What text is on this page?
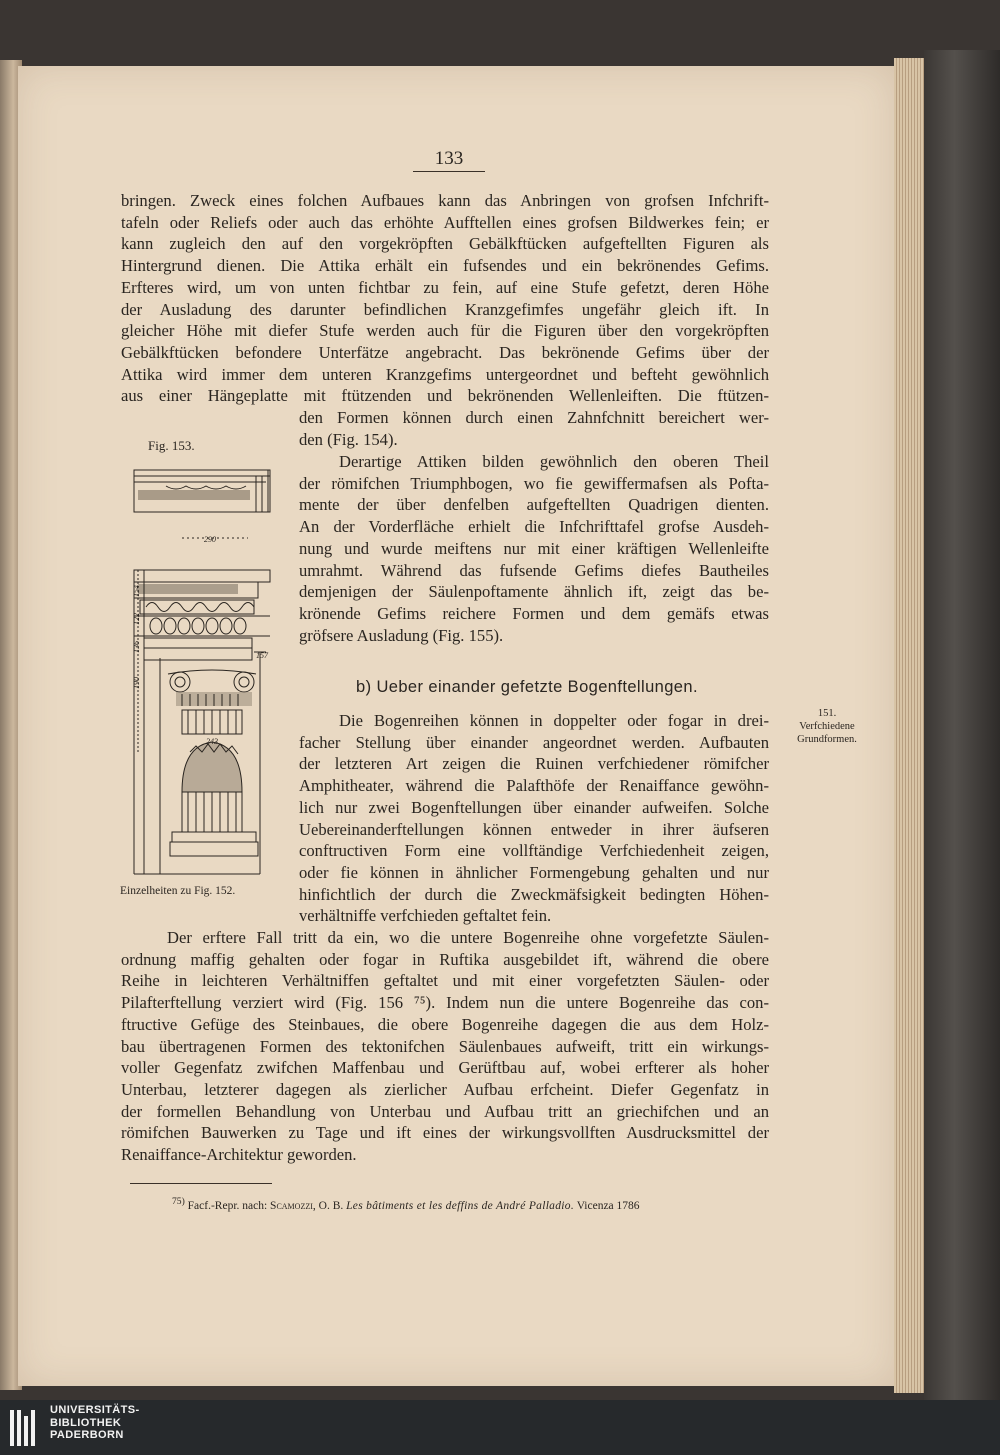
133
bringen. Zweck eines folchen Aufbaues kann das Anbringen von grofsen Infchrift-
tafeln oder Reliefs oder auch das erhöhte Aufftellen eines grofsen Bildwerkes fein; er
kann zugleich den auf den vorgekröpften Gebälkftücken aufgeftellten Figuren als
Hintergrund dienen. Die Attika erhält ein fufsendes und ein bekrönendes Gefims.
Erfteres wird, um von unten fichtbar zu fein, auf eine Stufe gefetzt, deren Höhe
der Ausladung des darunter befindlichen Kranzgefimfes ungefähr gleich ift. In
gleicher Höhe mit diefer Stufe werden auch für die Figuren über den vorgekröpften
Gebälkftücken befondere Unterfätze angebracht. Das bekrönende Gefims über der
Attika wird immer dem unteren Kranzgefims untergeordnet und befteht gewöhnlich
aus einer Hängeplatte mit ftützenden und bekrönenden Wellenleiften. Die ftützen-
den Formen können durch einen Zahnfchnitt bereichert wer-
den (Fig. 154).
Derartige Attiken bilden gewöhnlich den oberen Theil
der römifchen Triumphbogen, wo fie gewiffermafsen als Pofta-
mente der über denfelben aufgeftellten Quadrigen dienten.
An der Vorderfläche erhielt die Infchrifttafel grofse Ausdeh-
nung und wurde meiftens nur mit einer kräftigen Wellenleifte
umrahmt. Während das fufsende Gefims diefes Bautheiles
demjenigen der Säulenpoftamente ähnlich ift, zeigt das be-
krönende Gefims reichere Formen und dem gemäfs etwas
gröfsere Ausladung (Fig. 155).
b) Ueber einander gefetzte Bogenftellungen.
151.
Verfchiedene
Grundformen.
Die Bogenreihen können in doppelter oder fogar in drei-
facher Stellung über einander angeordnet werden. Aufbauten
der letzteren Art zeigen die Ruinen verfchiedener römifcher
Amphitheater, während die Palafthöfe der Renaiffance gewöhn-
lich nur zwei Bogenftellungen über einander aufweifen. Solche
Uebereinanderftellungen können entweder in ihrer äufseren
conftructiven Form eine vollftändige Verfchiedenheit zeigen,
oder fie können in ähnlicher Formengebung gehalten und nur
hinfichtlich der durch die Zweckmäfsigkeit bedingten Höhen-
verhältniffe verfchieden geftaltet fein.
Der erftere Fall tritt da ein, wo die untere Bogenreihe ohne vorgefetzte Säulen-
ordnung maffig gehalten oder fogar in Ruftika ausgebildet ift, während die obere
Reihe in leichteren Verhältniffen geftaltet und mit einer vorgefetzten Säulen- oder
Pilafterftellung verziert wird (Fig. 156 ⁷⁵). Indem nun die untere Bogenreihe das con-
ftructive Gefüge des Steinbaues, die obere Bogenreihe dagegen die aus dem Holz-
bau übertragenen Formen des tektonifchen Säulenbaues aufweift, tritt ein wirkungs-
voller Gegenfatz zwifchen Maffenbau und Gerüftbau auf, wobei erfterer als hoher
Unterbau, letzterer dagegen als zierlicher Aufbau erfcheint. Diefer Gegenfatz in
der formellen Behandlung von Unterbau und Aufbau tritt an griechifchen und an
römifchen Bauwerken zu Tage und ift eines der wirkungsvollften Ausdrucksmittel der
Renaiffance-Architektur geworden.
Fig. 153.
290
154
122
136
190
157
243
Einzelheiten zu Fig. 152.
$^{75)}$ Facf.-Repr. nach: Scamozzi, O. B. Les bâtiments et les deffins de André Palladio. Vicenza 1786
UNIVERSITÄTS-
BIBLIOTHEK
PADERBORN
